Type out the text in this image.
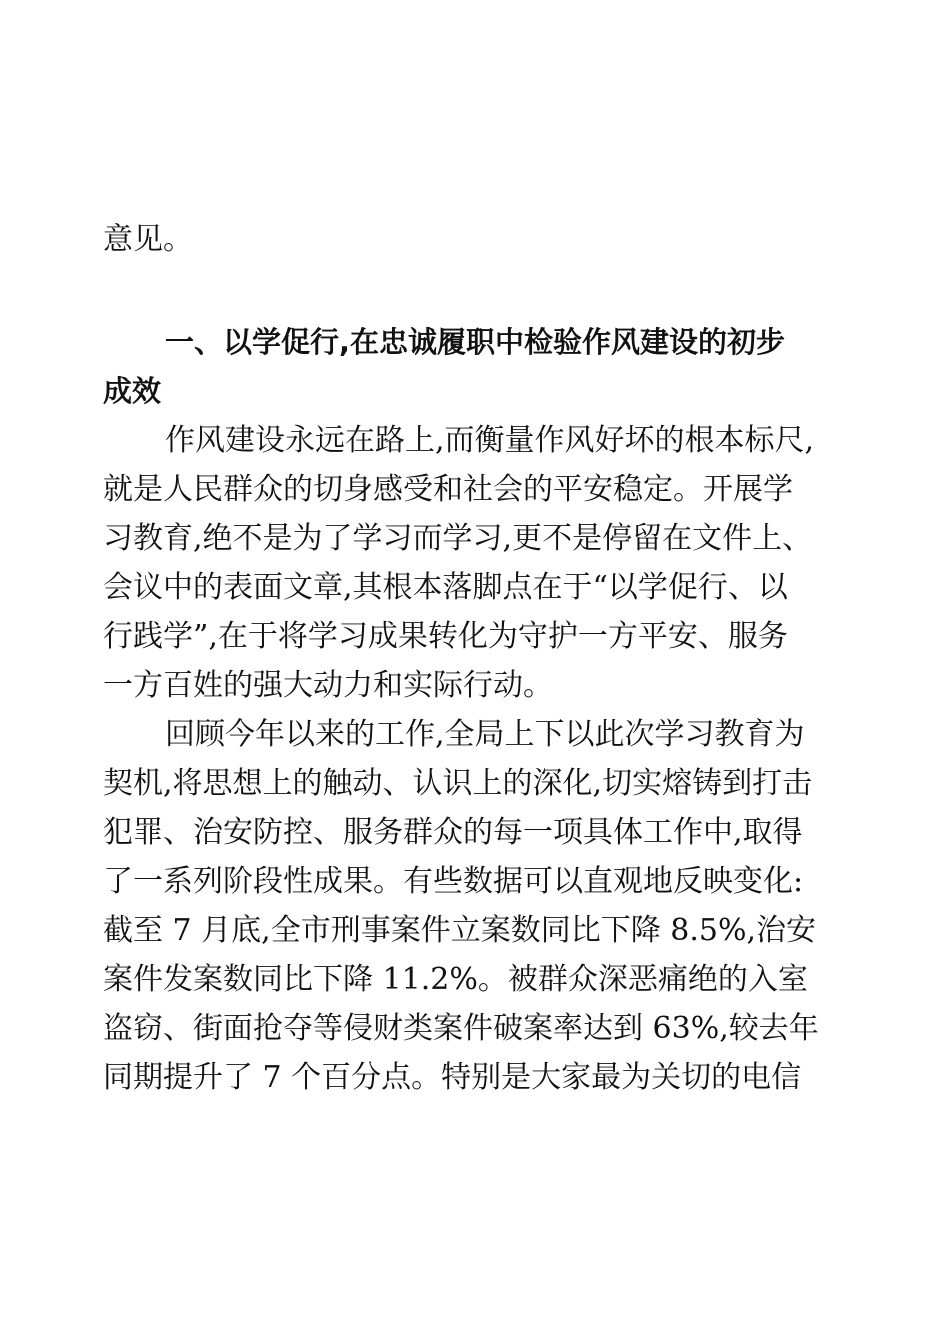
意见。

一、以学促行,在忠诚履职中检验作风建设的初步
成效
作风建设永远在路上,而衡量作风好坏的根本标尺,
就是人民群众的切身感受和社会的平安稳定。开展学
习教育,绝不是为了学习而学习,更不是停留在文件上、
会议中的表面文章,其根本落脚点在于“以学促行、以
行践学”,在于将学习成果转化为守护一方平安、服务
一方百姓的强大动力和实际行动。
回顾今年以来的工作,全局上下以此次学习教育为
契机,将思想上的触动、认识上的深化,切实熔铸到打击
犯罪、治安防控、服务群众的每一项具体工作中,取得
了一系列阶段性成果。有些数据可以直观地反映变化:
截至 7 月底,全市刑事案件立案数同比下降 8.5%,治安
案件发案数同比下降 11.2%。被群众深恶痛绝的入室
盗窃、街面抢夺等侵财类案件破案率达到 63%,较去年
同期提升了 7 个百分点。特别是大家最为关切的电信
